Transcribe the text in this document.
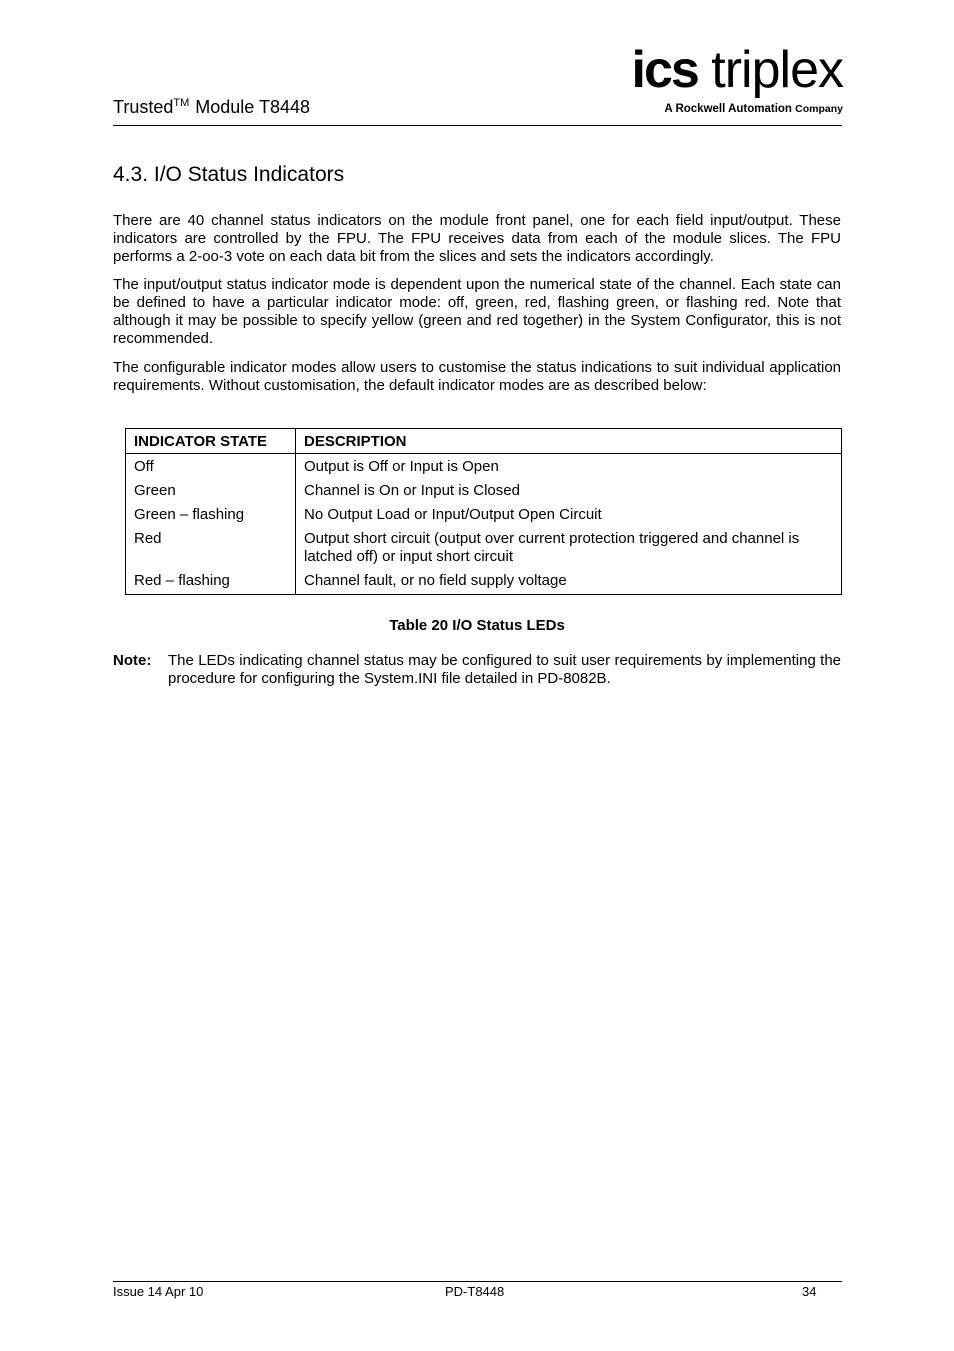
Trusted™ Module T8448
ics triplex
A Rockwell Automation Company
4.3. I/O Status Indicators
There are 40 channel status indicators on the module front panel, one for each field input/output. These indicators are controlled by the FPU. The FPU receives data from each of the module slices. The FPU performs a 2-oo-3 vote on each data bit from the slices and sets the indicators accordingly.
The input/output status indicator mode is dependent upon the numerical state of the channel. Each state can be defined to have a particular indicator mode: off, green, red, flashing green, or flashing red. Note that although it may be possible to specify yellow (green and red together) in the System Configurator, this is not recommended.
The configurable indicator modes allow users to customise the status indications to suit individual application requirements. Without customisation, the default indicator modes are as described below:
INDICATOR STATE	DESCRIPTION
Off	Output is Off or Input is Open
Green	Channel is On or Input is Closed
Green – flashing	No Output Load or Input/Output Open Circuit
Red	Output short circuit (output over current protection triggered and channel is latched off) or input short circuit
Red – flashing	Channel fault, or no field supply voltage
Table 20 I/O Status LEDs
Note: The LEDs indicating channel status may be configured to suit user requirements by implementing the procedure for configuring the System.INI file detailed in PD-8082B.
Issue 14 Apr 10	PD-T8448	34
